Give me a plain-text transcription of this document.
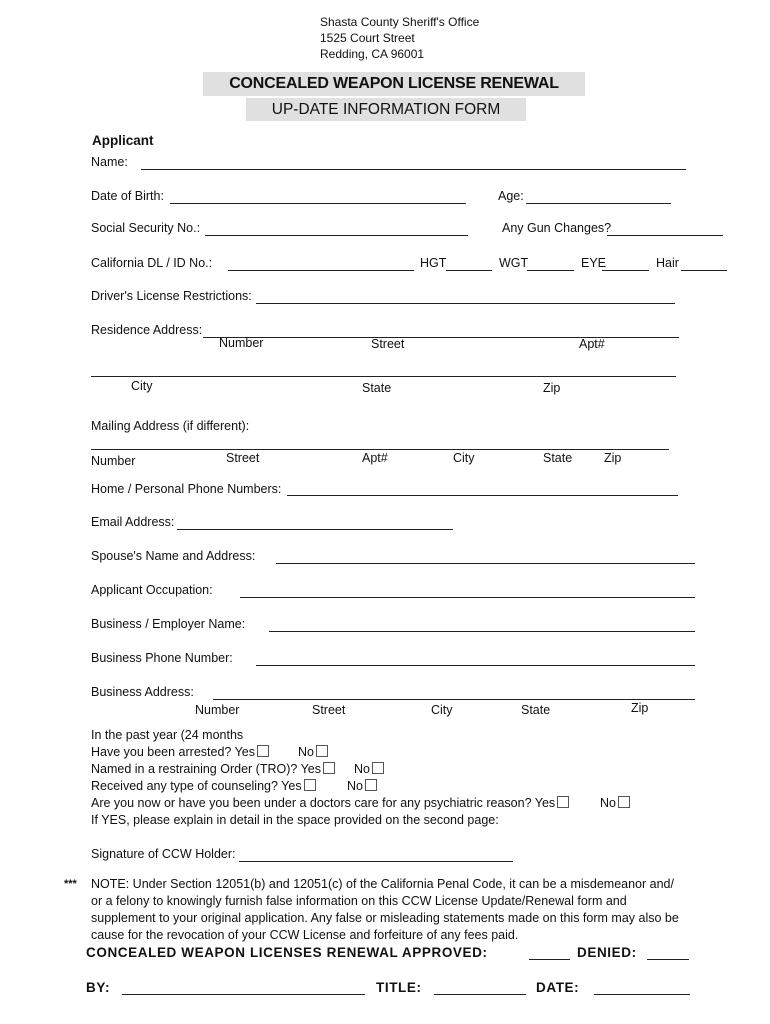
Shasta County Sheriff's Office
1525 Court Street
Redding, CA 96001
CONCEALED WEAPON LICENSE RENEWAL
UP-DATE INFORMATION FORM
Applicant
Name:
Date of Birth:	Age:
Social Security No.:	Any Gun Changes?
California DL / ID No.:	HGT	WGT	EYE	Hair
Driver's License Restrictions:
Residence Address:
Number	Street	Apt#
City	State	Zip
Mailing Address (if different):
Number	Street	Apt#	City	State	Zip
Home / Personal Phone Numbers:
Email Address:
Spouse's Name and Address:
Applicant Occupation:
Business / Employer Name:
Business Phone Number:
Business Address:
Number	Street	City	State	Zip
In the past year (24 months
Have you been arrested? Yes	No
Named in a restraining Order (TRO)? Yes	No
Received any type of counseling? Yes	No
Are you now or have you been under a doctors care for any psychiatric reason? Yes	No
If YES, please explain in detail in the space provided on the second page:
Signature of CCW Holder:
*** NOTE: Under Section 12051(b) and 12051(c) of the California Penal Code, it can be a misdemeanor and/ or a felony to knowingly furnish false information on this CCW License Update/Renewal form and supplement to your original application. Any false or misleading statements made on this form may also be cause for the revocation of your CCW License and forfeiture of any fees paid.
CONCEALED WEAPON LICENSES RENEWAL APPROVED:	DENIED:
BY:	TITLE:	DATE:
